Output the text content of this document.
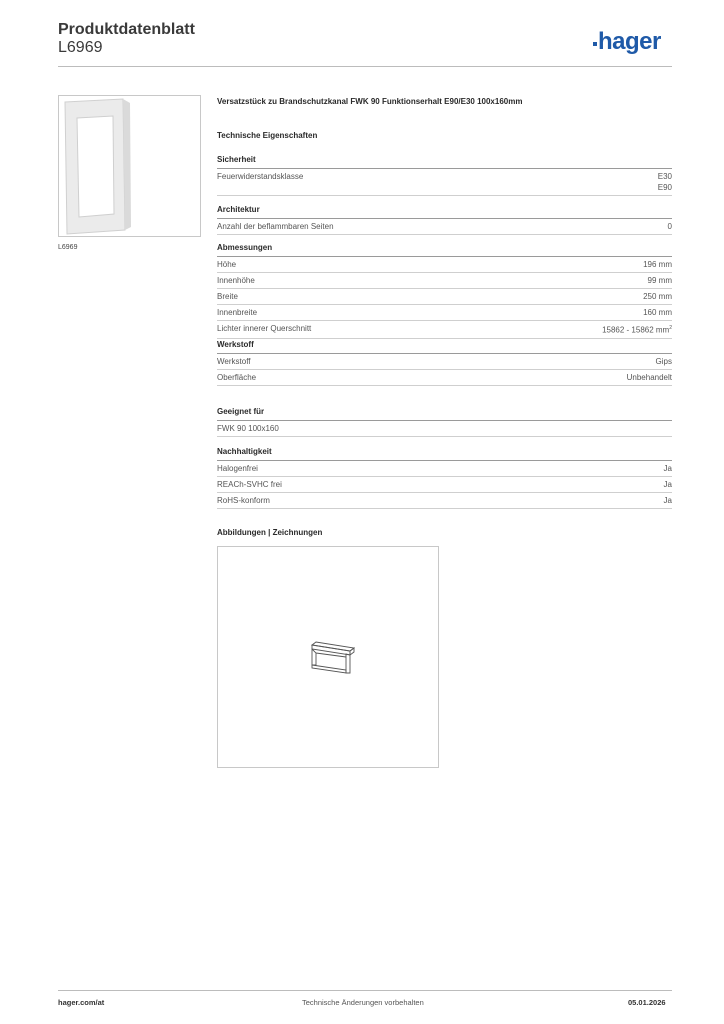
Produktdatenblatt
L6969	hager
L6969
Versatzstück zu Brandschutzkanal FWK 90 Funktionserhalt E90/E30 100x160mm
Technische Eigenschaften
Sicherheit
Feuerwiderstandsklasse	E30
E90
Architektur
Anzahl der beflammbaren Seiten	0
Abmessungen
Höhe	196 mm
Innenhöhe	99 mm
Breite	250 mm
Innenbreite	160 mm
Lichter innerer Querschnitt	15862 - 15862 $mm^2$
Werkstoff
Werkstoff	Gips
Oberfläche	Unbehandelt
Geeignet für
FWK 90 100x160
Nachhaltigkeit
Halogenfrei	Ja
REACh-SVHC frei	Ja
RoHS-konform	Ja
Abbildungen | Zeichnungen
hager.com/at	Technische Änderungen vorbehalten	05.01.2026
